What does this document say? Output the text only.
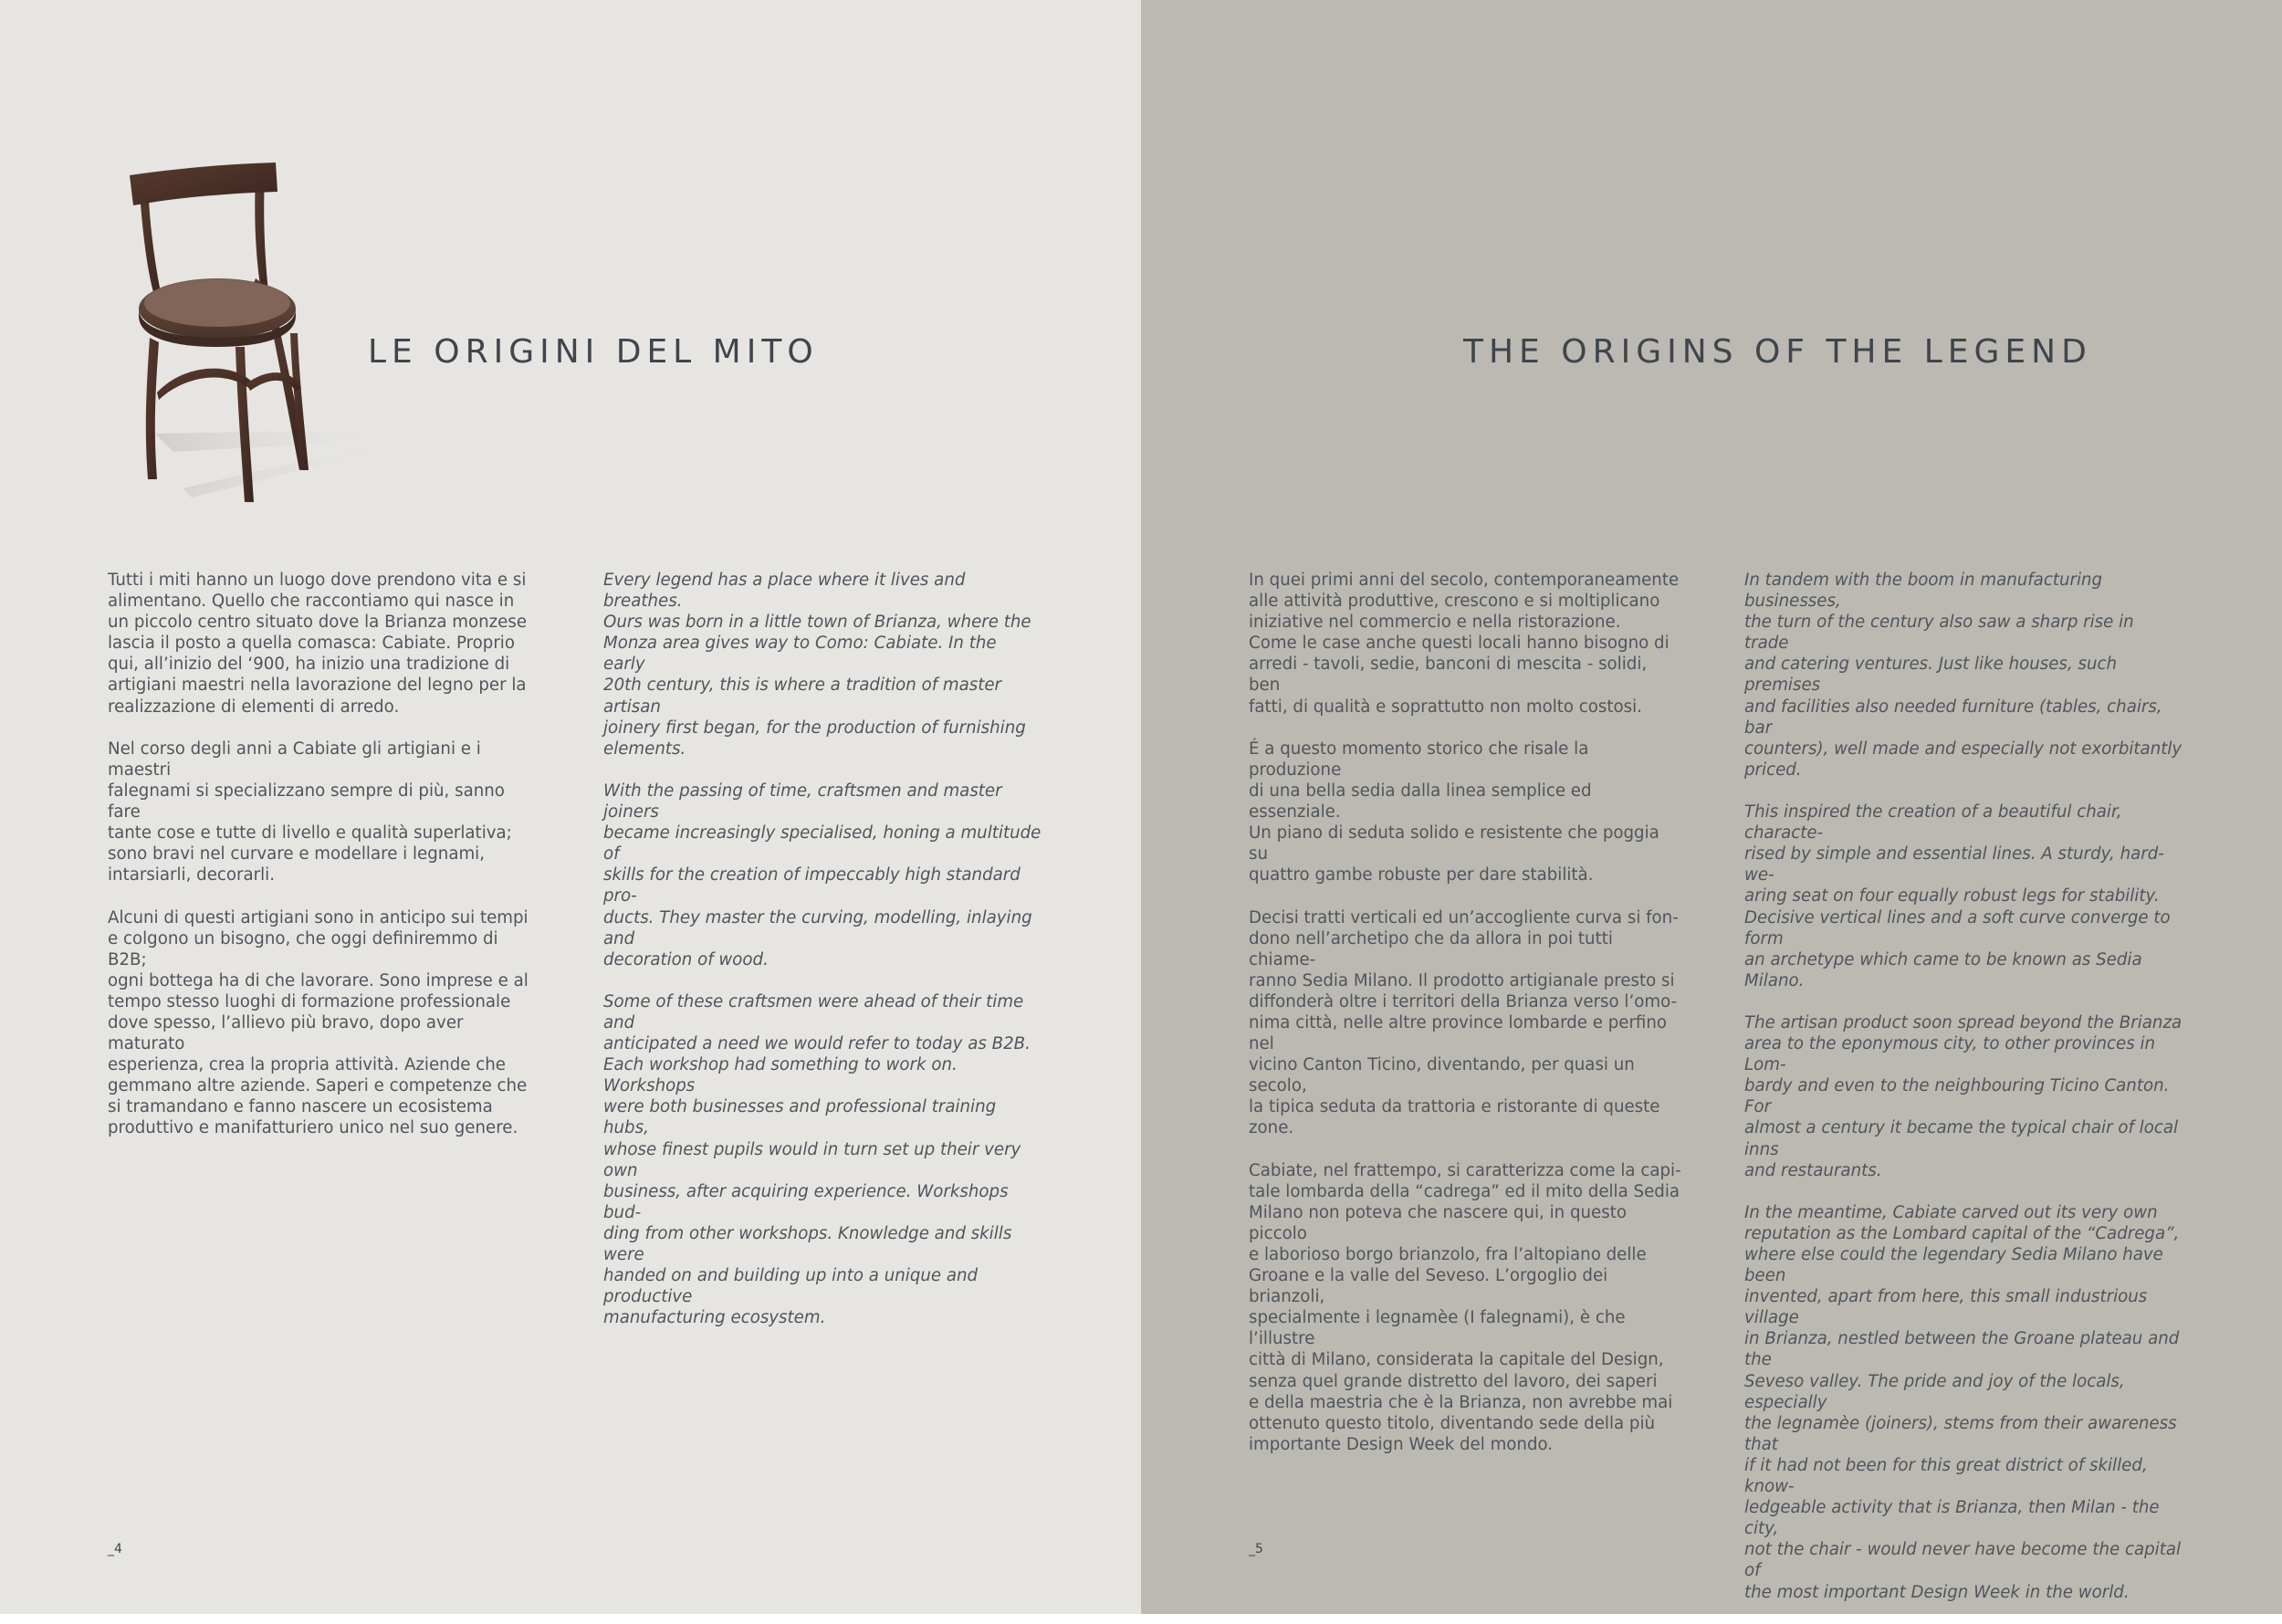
LE ORIGINI DEL MITO

Tutti i miti hanno un luogo dove prendono vita e si
alimentano. Quello che raccontiamo qui nasce in
un piccolo centro situato dove la Brianza monzese
lascia il posto a quella comasca: Cabiate. Proprio
qui, all’inizio del ‘900, ha inizio una tradizione di
artigiani maestri nella lavorazione del legno per la
realizzazione di elementi di arredo.

Nel corso degli anni a Cabiate gli artigiani e i maestri
falegnami si specializzano sempre di più, sanno fare
tante cose e tutte di livello e qualità superlativa;
sono bravi nel curvare e modellare i legnami,
intarsiarli, decorarli.

Alcuni di questi artigiani sono in anticipo sui tempi
e colgono un bisogno, che oggi definiremmo di B2B;
ogni bottega ha di che lavorare. Sono imprese e al
tempo stesso luoghi di formazione professionale
dove spesso, l’allievo più bravo, dopo aver maturato
esperienza, crea la propria attività. Aziende che
gemmano altre aziende. Saperi e competenze che
si tramandano e fanno nascere un ecosistema
produttivo e manifatturiero unico nel suo genere.

Every legend has a place where it lives and breathes.
Ours was born in a little town of Brianza, where the
Monza area gives way to Como: Cabiate. In the early
20th century, this is where a tradition of master artisan
joinery first began, for the production of furnishing
elements.

With the passing of time, craftsmen and master joiners
became increasingly specialised, honing a multitude of
skills for the creation of impeccably high standard pro-
ducts. They master the curving, modelling, inlaying and
decoration of wood.

Some of these craftsmen were ahead of their time and
anticipated a need we would refer to today as B2B.
Each workshop had something to work on. Workshops
were both businesses and professional training hubs,
whose finest pupils would in turn set up their very own
business, after acquiring experience. Workshops bud-
ding from other workshops. Knowledge and skills were
handed on and building up into a unique and productive
manufacturing ecosystem.

_4
THE ORIGINS OF THE LEGEND

In quei primi anni del secolo, contemporaneamente
alle attività produttive, crescono e si moltiplicano
iniziative nel commercio e nella ristorazione.
Come le case anche questi locali hanno bisogno di
arredi - tavoli, sedie, banconi di mescita - solidi, ben
fatti, di qualità e soprattutto non molto costosi.

É a questo momento storico che risale la produzione
di una bella sedia dalla linea semplice ed essenziale.
Un piano di seduta solido e resistente che poggia su
quattro gambe robuste per dare stabilità.

Decisi tratti verticali ed un’accogliente curva si fon-
dono nell’archetipo che da allora in poi tutti chiame-
ranno Sedia Milano. Il prodotto artigianale presto si
diffonderà oltre i territori della Brianza verso l’omo-
nima città, nelle altre province lombarde e perfino nel
vicino Canton Ticino, diventando, per quasi un secolo,
la tipica seduta da trattoria e ristorante di queste
zone.

Cabiate, nel frattempo, si caratterizza come la capi-
tale lombarda della “cadrega” ed il mito della Sedia
Milano non poteva che nascere qui, in questo piccolo
e laborioso borgo brianzolo, fra l’altopiano delle
Groane e la valle del Seveso. L’orgoglio dei brianzoli,
specialmente i legnamèe (I falegnami), è che l’illustre
città di Milano, considerata la capitale del Design,
senza quel grande distretto del lavoro, dei saperi
e della maestria che è la Brianza, non avrebbe mai
ottenuto questo titolo, diventando sede della più
importante Design Week del mondo.

In tandem with the boom in manufacturing businesses,
the turn of the century also saw a sharp rise in trade
and catering ventures. Just like houses, such premises
and facilities also needed furniture (tables, chairs, bar
counters), well made and especially not exorbitantly
priced.

This inspired the creation of a beautiful chair, characte-
rised by simple and essential lines. A sturdy, hard-we-
aring seat on four equally robust legs for stability.
Decisive vertical lines and a soft curve converge to form
an archetype which came to be known as Sedia Milano.

The artisan product soon spread beyond the Brianza
area to the eponymous city, to other provinces in Lom-
bardy and even to the neighbouring Ticino Canton. For
almost a century it became the typical chair of local inns
and restaurants.

In the meantime, Cabiate carved out its very own
reputation as the Lombard capital of the “Cadrega”,
where else could the legendary Sedia Milano have been
invented, apart from here, this small industrious village
in Brianza, nestled between the Groane plateau and the
Seveso valley. The pride and joy of the locals, especially
the legnamèe (joiners), stems from their awareness that
if it had not been for this great district of skilled, know-
ledgeable activity that is Brianza, then Milan - the city,
not the chair - would never have become the capital of
the most important Design Week in the world.

_5
